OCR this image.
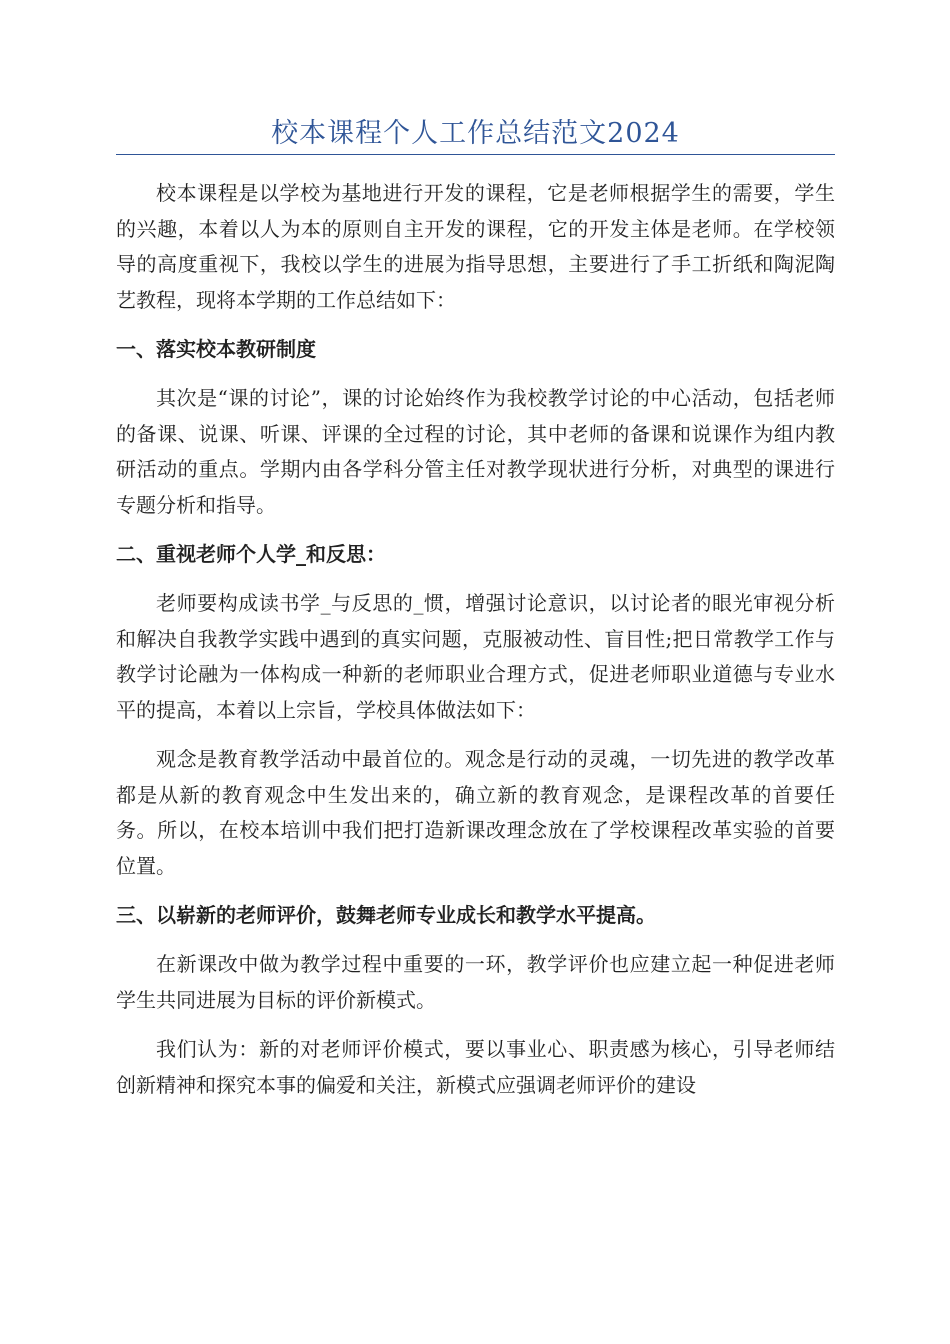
校本课程个人工作总结范文2024

校本课程是以学校为基地进行开发的课程，它是老师根据学生的需要，学生的兴趣，本着以人为本的原则自主开发的课程，它的开发主体是老师。在学校领导的高度重视下，我校以学生的进展为指导思想，主要进行了手工折纸和陶泥陶艺教程，现将本学期的工作总结如下：

一、落实校本教研制度

其次是“课的讨论”，课的讨论始终作为我校教学讨论的中心活动，包括老师的备课、说课、听课、评课的全过程的讨论，其中老师的备课和说课作为组内教研活动的重点。学期内由各学科分管主任对教学现状进行分析，对典型的课进行专题分析和指导。

二、重视老师个人学_和反思：

老师要构成读书学_与反思的_惯，增强讨论意识，以讨论者的眼光审视分析和解决自我教学实践中遇到的真实问题，克服被动性、盲目性;把日常教学工作与教学讨论融为一体构成一种新的老师职业合理方式，促进老师职业道德与专业水平的提高，本着以上宗旨，学校具体做法如下：

观念是教育教学活动中最首位的。观念是行动的灵魂，一切先进的教学改革都是从新的教育观念中生发出来的，确立新的教育观念，是课程改革的首要任务。所以，在校本培训中我们把打造新课改理念放在了学校课程改革实验的首要位置。

三、以崭新的老师评价，鼓舞老师专业成长和教学水平提高。

在新课改中做为教学过程中重要的一环，教学评价也应建立起一种促进老师学生共同进展为目标的评价新模式。

我们认为：新的对老师评价模式，要以事业心、职责感为核心，引导老师结创新精神和探究本事的偏爱和关注，新模式应强调老师评价的建设
